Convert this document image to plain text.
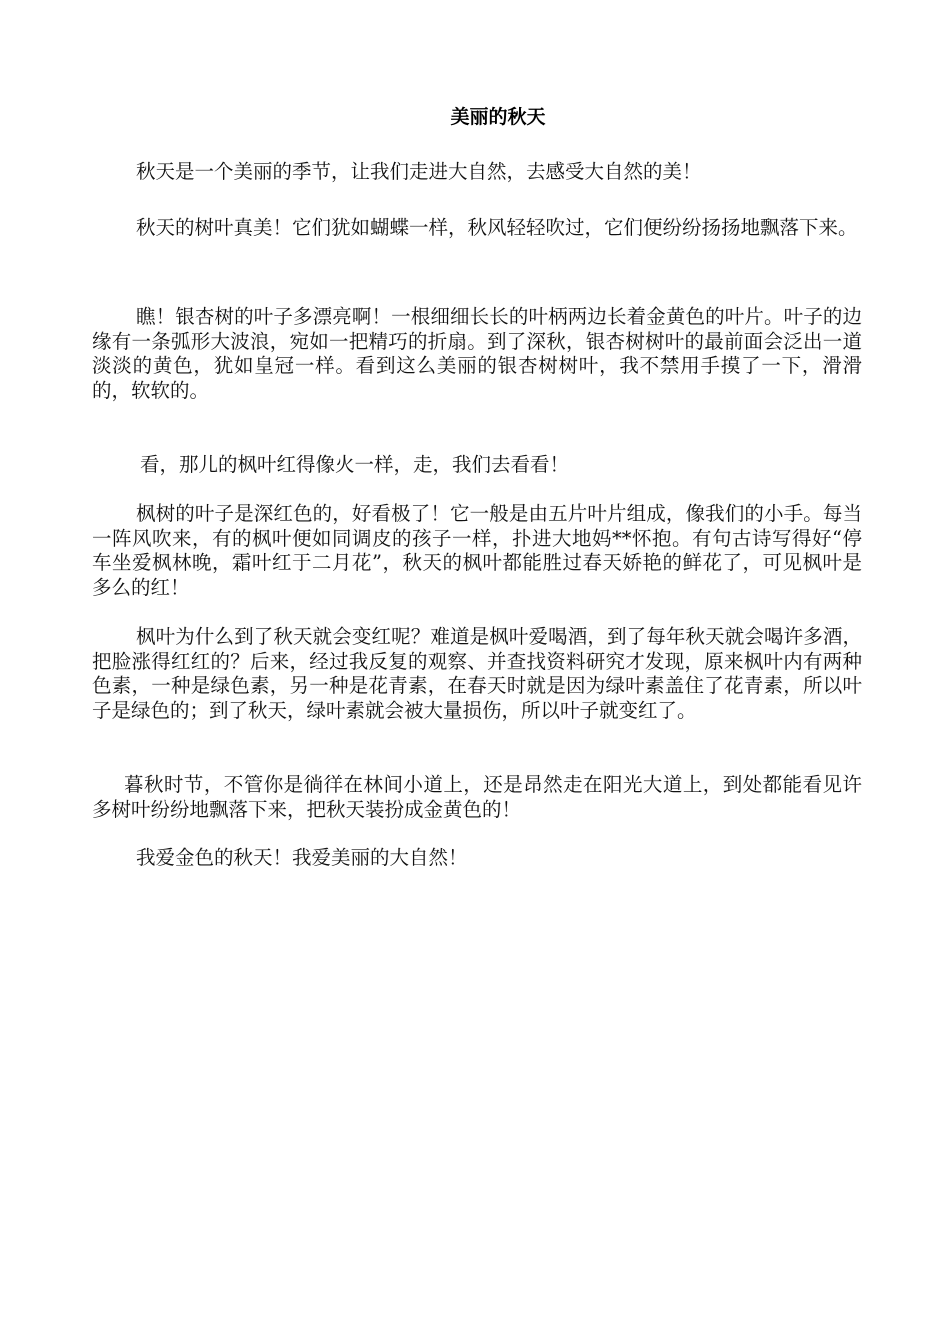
美丽的秋天

秋天是一个美丽的季节，让我们走进大自然，去感受大自然的美！

秋天的树叶真美！它们犹如蝴蝶一样，秋风轻轻吹过，它们便纷纷扬扬地飘落下来。

瞧！银杏树的叶子多漂亮啊！一根细细长长的叶柄两边长着金黄色的叶片。叶子的边缘有一条弧形大波浪，宛如一把精巧的折扇。到了深秋，银杏树树叶的最前面会泛出一道淡淡的黄色，犹如皇冠一样。看到这么美丽的银杏树树叶，我不禁用手摸了一下，滑滑的，软软的。

看，那儿的枫叶红得像火一样，走，我们去看看！

枫树的叶子是深红色的，好看极了！它一般是由五片叶片组成，像我们的小手。每当一阵风吹来，有的枫叶便如同调皮的孩子一样，扑进大地妈**怀抱。有句古诗写得好“停车坐爱枫林晚，霜叶红于二月花”，秋天的枫叶都能胜过春天娇艳的鲜花了，可见枫叶是多么的红！

枫叶为什么到了秋天就会变红呢？难道是枫叶爱喝酒，到了每年秋天就会喝许多酒，把脸涨得红红的？后来，经过我反复的观察、并查找资料研究才发现，原来枫叶内有两种色素，一种是绿色素，另一种是花青素，在春天时就是因为绿叶素盖住了花青素，所以叶子是绿色的；到了秋天，绿叶素就会被大量损伤，所以叶子就变红了。

暮秋时节，不管你是徜徉在林间小道上，还是昂然走在阳光大道上，到处都能看见许多树叶纷纷地飘落下来，把秋天装扮成金黄色的！

我爱金色的秋天！我爱美丽的大自然！
